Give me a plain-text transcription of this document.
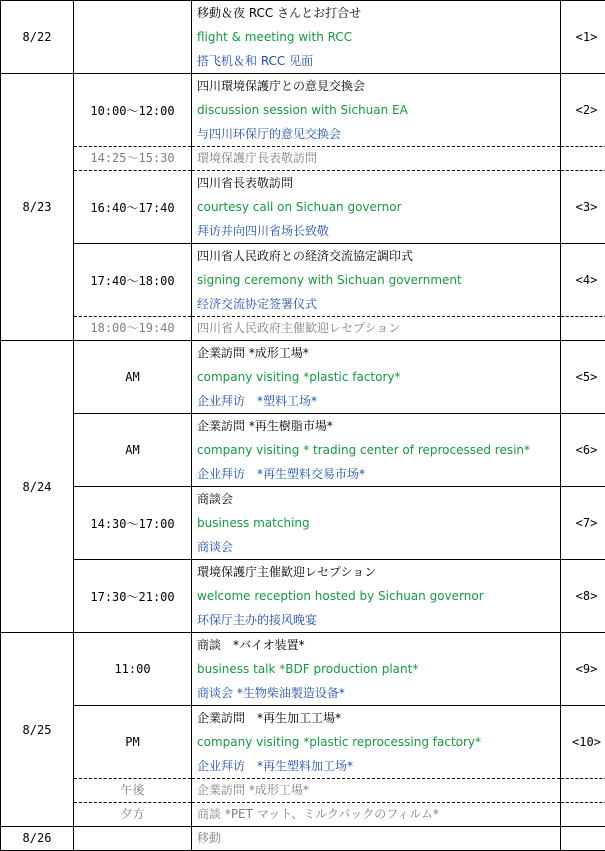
8/22		移動＆夜 RCC さんとお打合せ
flight & meeting with RCC
搭飞机＆和 RCC 见面	<1>
8/23	10:00～12:00	四川環境保護庁との意見交換会
discussion session with Sichuan EA
与四川环保厅的意见交换会	<2>
	14:25～15:30	環境保護庁長表敬訪問	
	16:40～17:40	四川省長表敬訪問
courtesy call on Sichuan governor
拜访并向四川省场长致敬	<3>
	17:40～18:00	四川省人民政府との経済交流協定調印式
signing ceremony with Sichuan government
经济交流协定签署仪式	<4>
	18:00～19:40	四川省人民政府主催歓迎レセプション	
8/24	AM	企業訪問 *成形工場*
company visiting *plastic factory*
企业拜访　*塑料工场*	<5>
	AM	企業訪問 *再生樹脂市場*
company visiting * trading center of reprocessed resin*
企业拜访　*再生塑料交易市场*	<6>
	14:30～17:00	商談会
business matching
商谈会	<7>
	17:30～21:00	環境保護庁主催歓迎レセプション
welcome reception hosted by Sichuan governor
环保厅主办的接风晚宴	<8>
8/25	11:00	商談　*バイオ装置*
business talk *BDF production plant*
商谈会 *生物柴油製造设备*	<9>
	PM	企業訪問　*再生加工工場*
company visiting *plastic reprocessing factory*
企业拜访　*再生塑料加工场*	<10>
	午後	企業訪問 *成形工場*	
	夕方	商談 *PET マット、ミルクパックのフィルム*	
8/26		移動	
